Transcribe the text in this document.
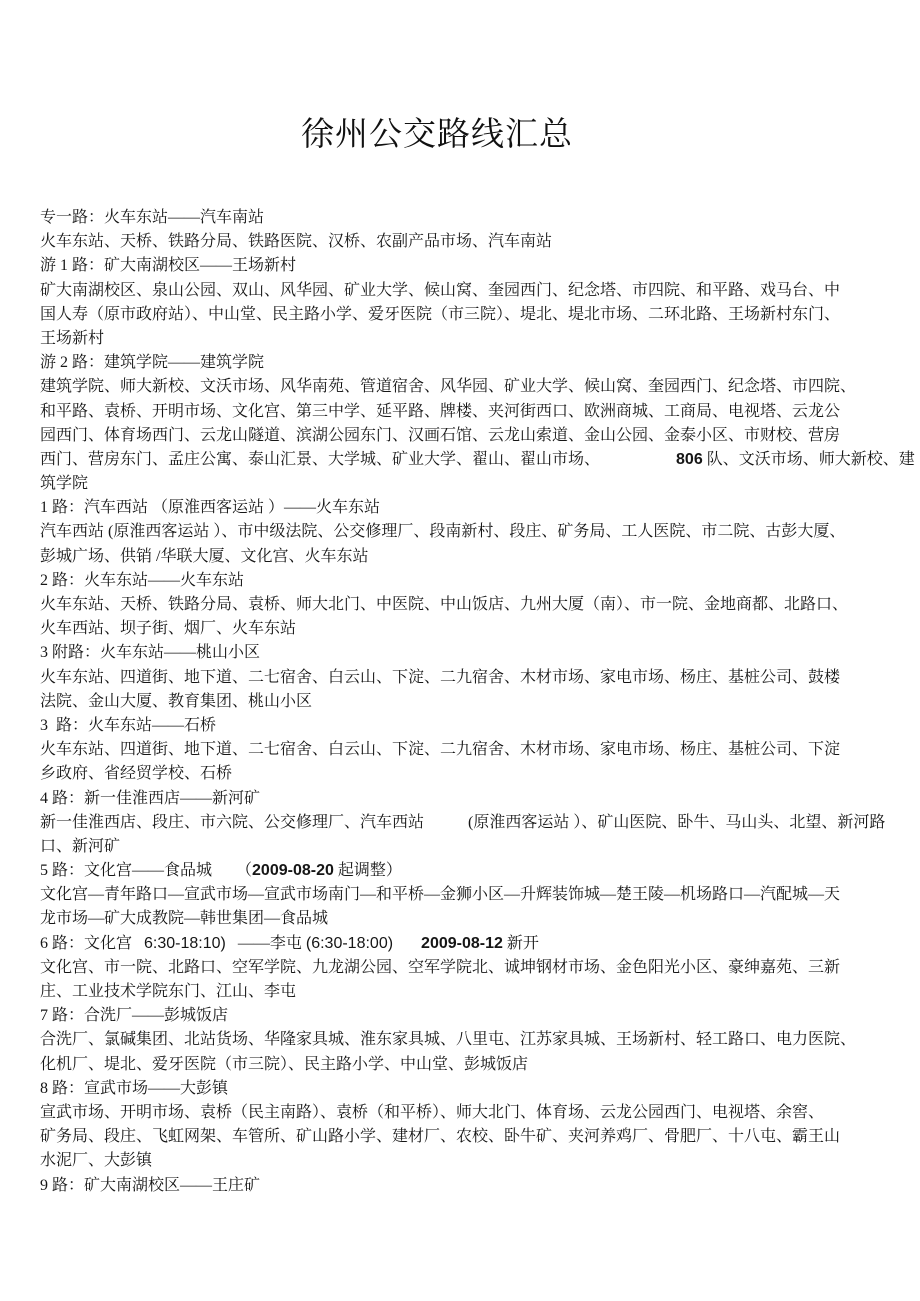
徐州公交路线汇总
专一路：火车东站——汽车南站
火车东站、天桥、铁路分局、铁路医院、汉桥、农副产品市场、汽车南站
游 1 路：矿大南湖校区——王场新村
矿大南湖校区、泉山公园、双山、风华园、矿业大学、候山窝、奎园西门、纪念塔、市四院、和平路、戏马台、中
国人寿（原市政府站）、中山堂、民主路小学、爱牙医院（市三院）、堤北、堤北市场、二环北路、王场新村东门、
王场新村
游 2 路：建筑学院——建筑学院
建筑学院、师大新校、文沃市场、风华南苑、管道宿舍、风华园、矿业大学、候山窝、奎园西门、纪念塔、市四院、
和平路、袁桥、开明市场、文化宫、第三中学、延平路、牌楼、夹河街西口、欧洲商城、工商局、电视塔、云龙公
园西门、体育场西门、云龙山隧道、滨湖公园东门、汉画石馆、云龙山索道、金山公园、金泰小区、市财校、营房
西门、营房东门、孟庄公寓、泰山汇景、大学城、矿业大学、翟山、翟山市场、                   806 队、文沃市场、师大新校、建
筑学院
1 路：汽车西站 （原淮西客运站 ）——火车东站
汽车西站 (原淮西客运站 ）、市中级法院、公交修理厂、段南新村、段庄、矿务局、工人医院、市二院、古彭大厦、
彭城广场、供销 /华联大厦、文化宫、火车东站
2 路：火车东站——火车东站
火车东站、天桥、铁路分局、袁桥、师大北门、中医院、中山饭店、九州大厦（南）、市一院、金地商都、北路口、
火车西站、坝子街、烟厂、火车东站
3 附路：火车东站——桃山小区
火车东站、四道街、地下道、二七宿舍、白云山、下淀、二九宿舍、木材市场、家电市场、杨庄、基桩公司、鼓楼
法院、金山大厦、教育集团、桃山小区
3  路：火车东站——石桥
火车东站、四道街、地下道、二七宿舍、白云山、下淀、二九宿舍、木材市场、家电市场、杨庄、基桩公司、下淀
乡政府、省经贸学校、石桥
4 路：新一佳淮西店——新河矿
新一佳淮西店、段庄、市六院、公交修理厂、汽车西站           (原淮西客运站 ）、矿山医院、卧牛、马山头、北望、新河路
口、新河矿
5 路：文化宫——食品城      （2009-08-20 起调整）
文化宫—青年路口—宣武市场—宣武市场南门—和平桥—金狮小区—升辉装饰城—楚王陵—机场路口—汽配城—天
龙市场—矿大成教院—韩世集团—食品城
6 路：文化宫   6:30-18:10)   ——李屯 (6:30-18:00) 2009-08-12 新开
文化宫、市一院、北路口、空军学院、九龙湖公园、空军学院北、诚坤钢材市场、金色阳光小区、豪绅嘉苑、三新
庄、工业技术学院东门、江山、李屯
7 路：合洗厂——彭城饭店
合洗厂、氯碱集团、北站货场、华隆家具城、淮东家具城、八里屯、江苏家具城、王场新村、轻工路口、电力医院、
化机厂、堤北、爱牙医院（市三院）、民主路小学、中山堂、彭城饭店
8 路：宣武市场——大彭镇
宣武市场、开明市场、袁桥（民主南路）、袁桥（和平桥）、师大北门、体育场、云龙公园西门、电视塔、余窖、
矿务局、段庄、飞虹网架、车管所、矿山路小学、建材厂、农校、卧牛矿、夹河养鸡厂、骨肥厂、十八屯、霸王山
水泥厂、大彭镇
9 路：矿大南湖校区——王庄矿
